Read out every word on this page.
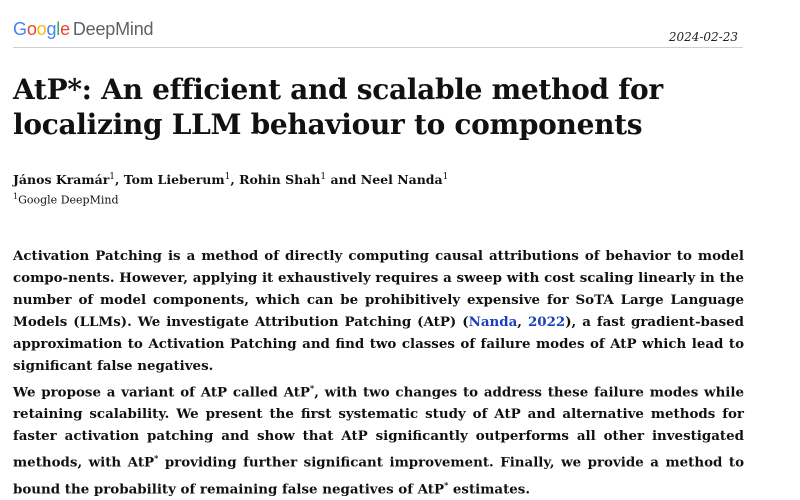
Google DeepMind	2024-02-23
AtP*: An efficient and scalable method for localizing LLM behaviour to components
János Kramár$^1$, Tom Lieberum$^1$, Rohin Shah$^1$ and Neel Nanda$^1$
$^1$Google DeepMind

Activation Patching is a method of directly computing causal attributions of behavior to model compo-nents. However, applying it exhaustively requires a sweep with cost scaling linearly in the number of model components, which can be prohibitively expensive for SoTA Large Language Models (LLMs). We investigate Attribution Patching (AtP) (Nanda, 2022), a fast gradient-based approximation to Activation Patching and find two classes of failure modes of AtP which lead to significant false negatives.

We propose a variant of AtP called AtP*, with two changes to address these failure modes while retaining scalability. We present the first systematic study of AtP and alternative methods for faster activation patching and show that AtP significantly outperforms all other investigated methods, with AtP* providing further significant improvement. Finally, we provide a method to bound the probability of remaining false negatives of AtP* estimates.
